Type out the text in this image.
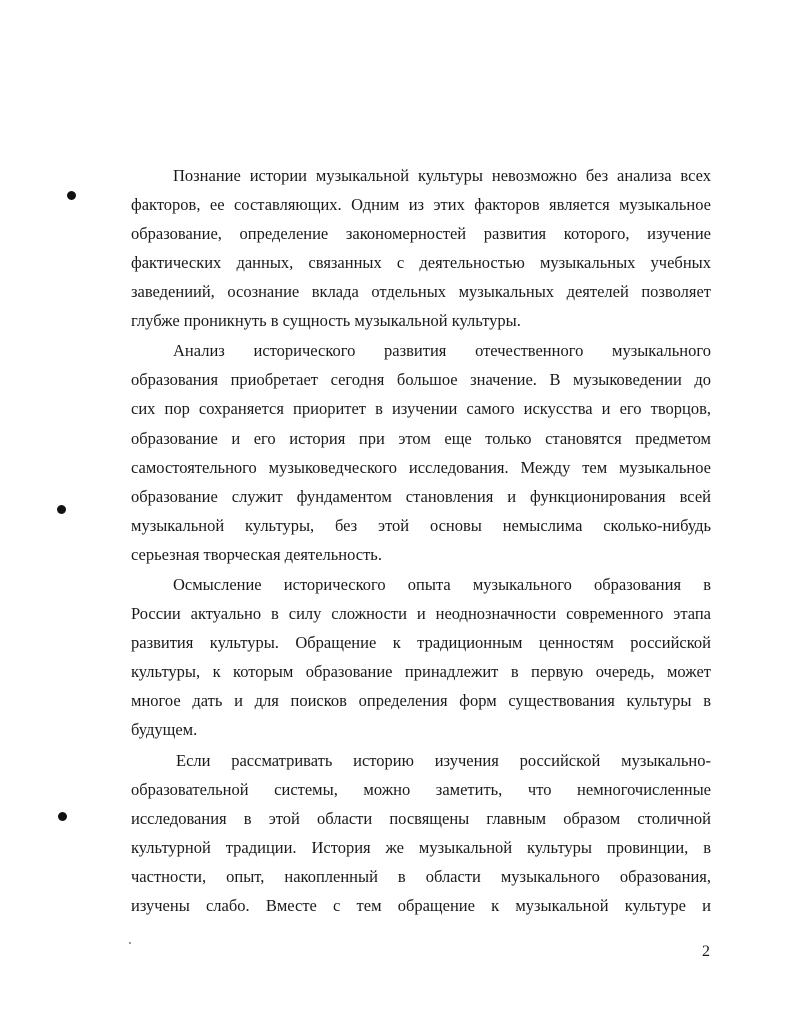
Познание истории музыкальной культуры невозможно без анализа всех
факторов, ее составляющих. Одним из этих факторов является музыкальное
образование, определение закономерностей развития которого, изучение
фактических данных, связанных с деятельностью музыкальных учебных
заведениий, осознание вклада отдельных музыкальных деятелей позволяет
глубже проникнуть в сущность музыкальной культуры.
Анализ исторического развития отечественного музыкального
образования приобретает сегодня большое значение. В музыковедении до
сих пор сохраняется приоритет в изучении самого искусства и его творцов,
образование и его история при этом еще только становятся предметом
самостоятельного музыковедческого исследования. Между тем музыкальное
образование служит фундаментом становления и функционирования всей
музыкальной культуры, без этой основы немыслима сколько-нибудь
серьезная творческая деятельность.
Осмысление исторического опыта музыкального образования в
России актуально в силу сложности и неоднозначности современного этапа
развития культуры. Обращение к традиционным ценностям российской
культуры, к которым образование принадлежит в первую очередь, может
многое дать и для поисков определения форм существования культуры в
будущем.
Если рассматривать историю изучения российской музыкально-
образовательной системы, можно заметить, что немногочисленные
исследования в этой области посвящены главным образом столичной
культурной традиции. История же музыкальной культуры провинции, в
частности, опыт, накопленный в области музыкального образования,
изучены слабо. Вместе с тем обращение к музыкальной культуре и
2
